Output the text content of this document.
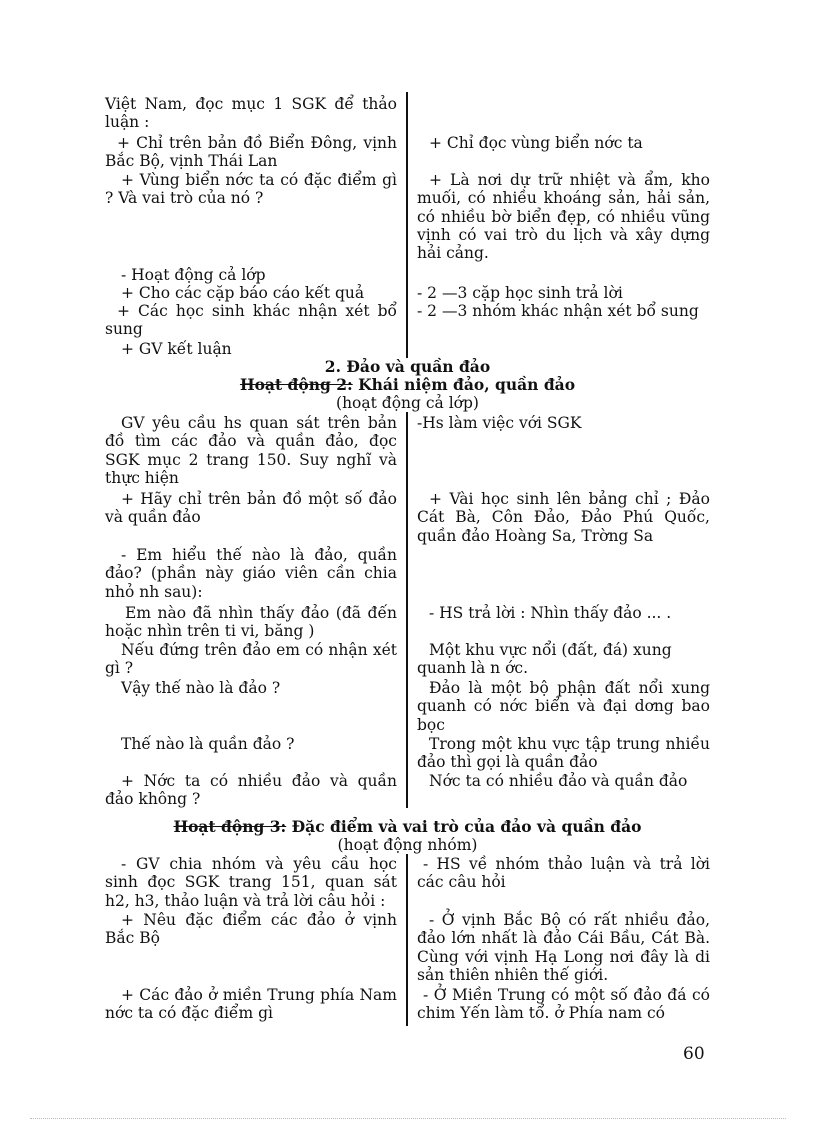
Việt Nam, đọc mục 1 SGK để thảo luận :
+ Chỉ trên bản đồ Biển Đông, vịnh Bắc Bộ, vịnh Thái Lan
+ Vùng biển nớc ta có đặc điểm gì ? Và vai trò của nó ?
- Hoạt động cả lớp
+ Cho các cặp báo cáo kết quả
+ Các học sinh khác nhận xét bổ sung
+ GV kết luận
+ Chỉ đọc vùng biển nớc ta
+ Là nơi dự trữ nhiệt và ẩm, kho muối, có nhiều khoáng sản, hải sản, có nhiều bờ biển đẹp, có nhiều vũng vịnh có vai trò du lịch và xây dựng hải cảng.
- 2 —3 cặp học sinh trả lời
- 2 —3 nhóm khác nhận xét bổ sung
2. Đảo và quần đảo
Hoạt động 2: Khái niệm đảo, quần đảo
(hoạt động cả lớp)
GV yêu cầu hs quan sát trên bản đồ tìm các đảo và quần đảo, đọc SGK mục 2 trang 150. Suy nghĩ và thực hiện
+ Hãy chỉ trên bản đồ một số đảo và quần đảo
- Em hiểu thế nào là đảo, quần đảo? (phần này giáo viên cần chia nhỏ nh sau):
Em nào đã nhìn thấy đảo (đã đến hoặc nhìn trên ti vi, băng )
Nếu đứng trên đảo em có nhận xét gì ?
Vậy thế nào là đảo ?
Thế nào là quần đảo ?
+ Nớc ta có nhiều đảo và quần đảo không ?
-Hs làm việc với SGK
+ Vài học sinh lên bảng chỉ ; Đảo Cát Bà, Côn Đảo, Đảo Phú Quốc, quần đảo Hoàng Sa, Trờng Sa
- HS trả lời : Nhìn thấy đảo ... .
Một khu vực nổi (đất, đá) xung quanh là n ớc.
Đảo là một bộ phận đất nổi xung quanh có nớc biển và đại dơng bao bọc
Trong một khu vực tập trung nhiều đảo thì gọi là quần đảo
Nớc ta có nhiều đảo và quần đảo
Hoạt động 3: Đặc điểm và vai trò của đảo và quần đảo
(hoạt động nhóm)
- GV chia nhóm và yêu cầu học sinh đọc SGK trang 151, quan sát h2, h3, thảo luận và trả lời câu hỏi :
+ Nêu đặc điểm các đảo ở vịnh Bắc Bộ
+ Các đảo ở miền Trung phía Nam nớc ta có đặc điểm gì
- HS về nhóm thảo luận và trả lời các câu hỏi
- Ở vịnh Bắc Bộ có rất nhiều đảo, đảo lớn nhất là đảo Cái Bầu, Cát Bà. Cùng với vịnh Hạ Long nơi đây là di sản thiên nhiên thế giới.
- Ở Miền Trung có một số đảo đá có chim Yến làm tổ. ở Phía nam có
60
